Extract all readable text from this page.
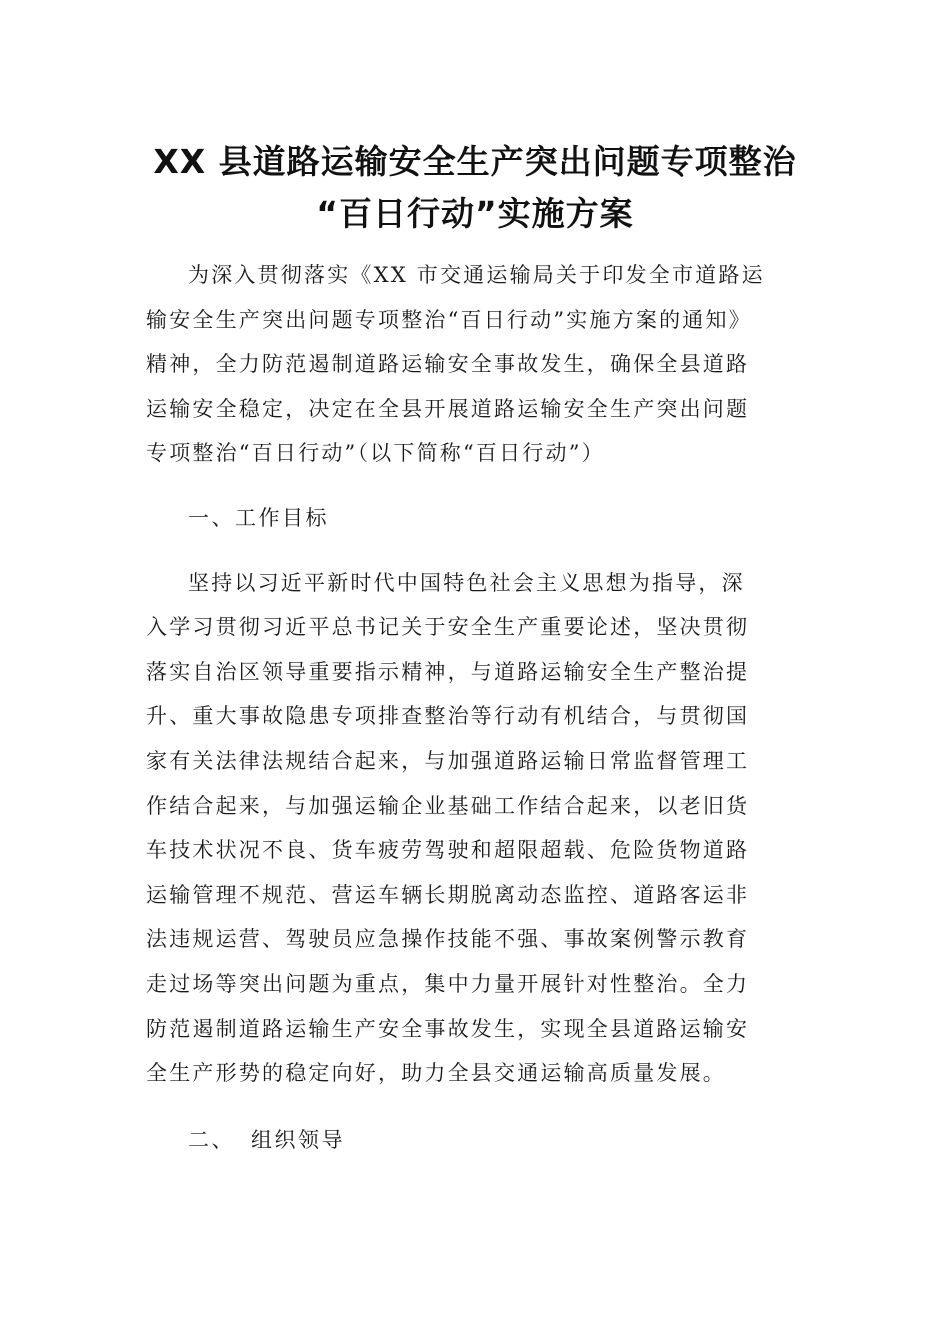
XX 县道路运输安全生产突出问题专项整治
“百日行动”实施方案
为深入贯彻落实《XX 市交通运输局关于印发全市道路运
输安全生产突出问题专项整治“百日行动”实施方案的通知》
精神，全力防范遏制道路运输安全事故发生，确保全县道路
运输安全稳定，决定在全县开展道路运输安全生产突出问题
专项整治“百日行动”（以下简称“百日行动”）
一、工作目标
坚持以习近平新时代中国特色社会主义思想为指导，深
入学习贯彻习近平总书记关于安全生产重要论述，坚决贯彻
落实自治区领导重要指示精神，与道路运输安全生产整治提
升、重大事故隐患专项排查整治等行动有机结合，与贯彻国
家有关法律法规结合起来，与加强道路运输日常监督管理工
作结合起来，与加强运输企业基础工作结合起来，以老旧货
车技术状况不良、货车疲劳驾驶和超限超载、危险货物道路
运输管理不规范、营运车辆长期脱离动态监控、道路客运非
法违规运营、驾驶员应急操作技能不强、事故案例警示教育
走过场等突出问题为重点，集中力量开展针对性整治。全力
防范遏制道路运输生产安全事故发生，实现全县道路运输安
全生产形势的稳定向好，助力全县交通运输高质量发展。
二、 组织领导
